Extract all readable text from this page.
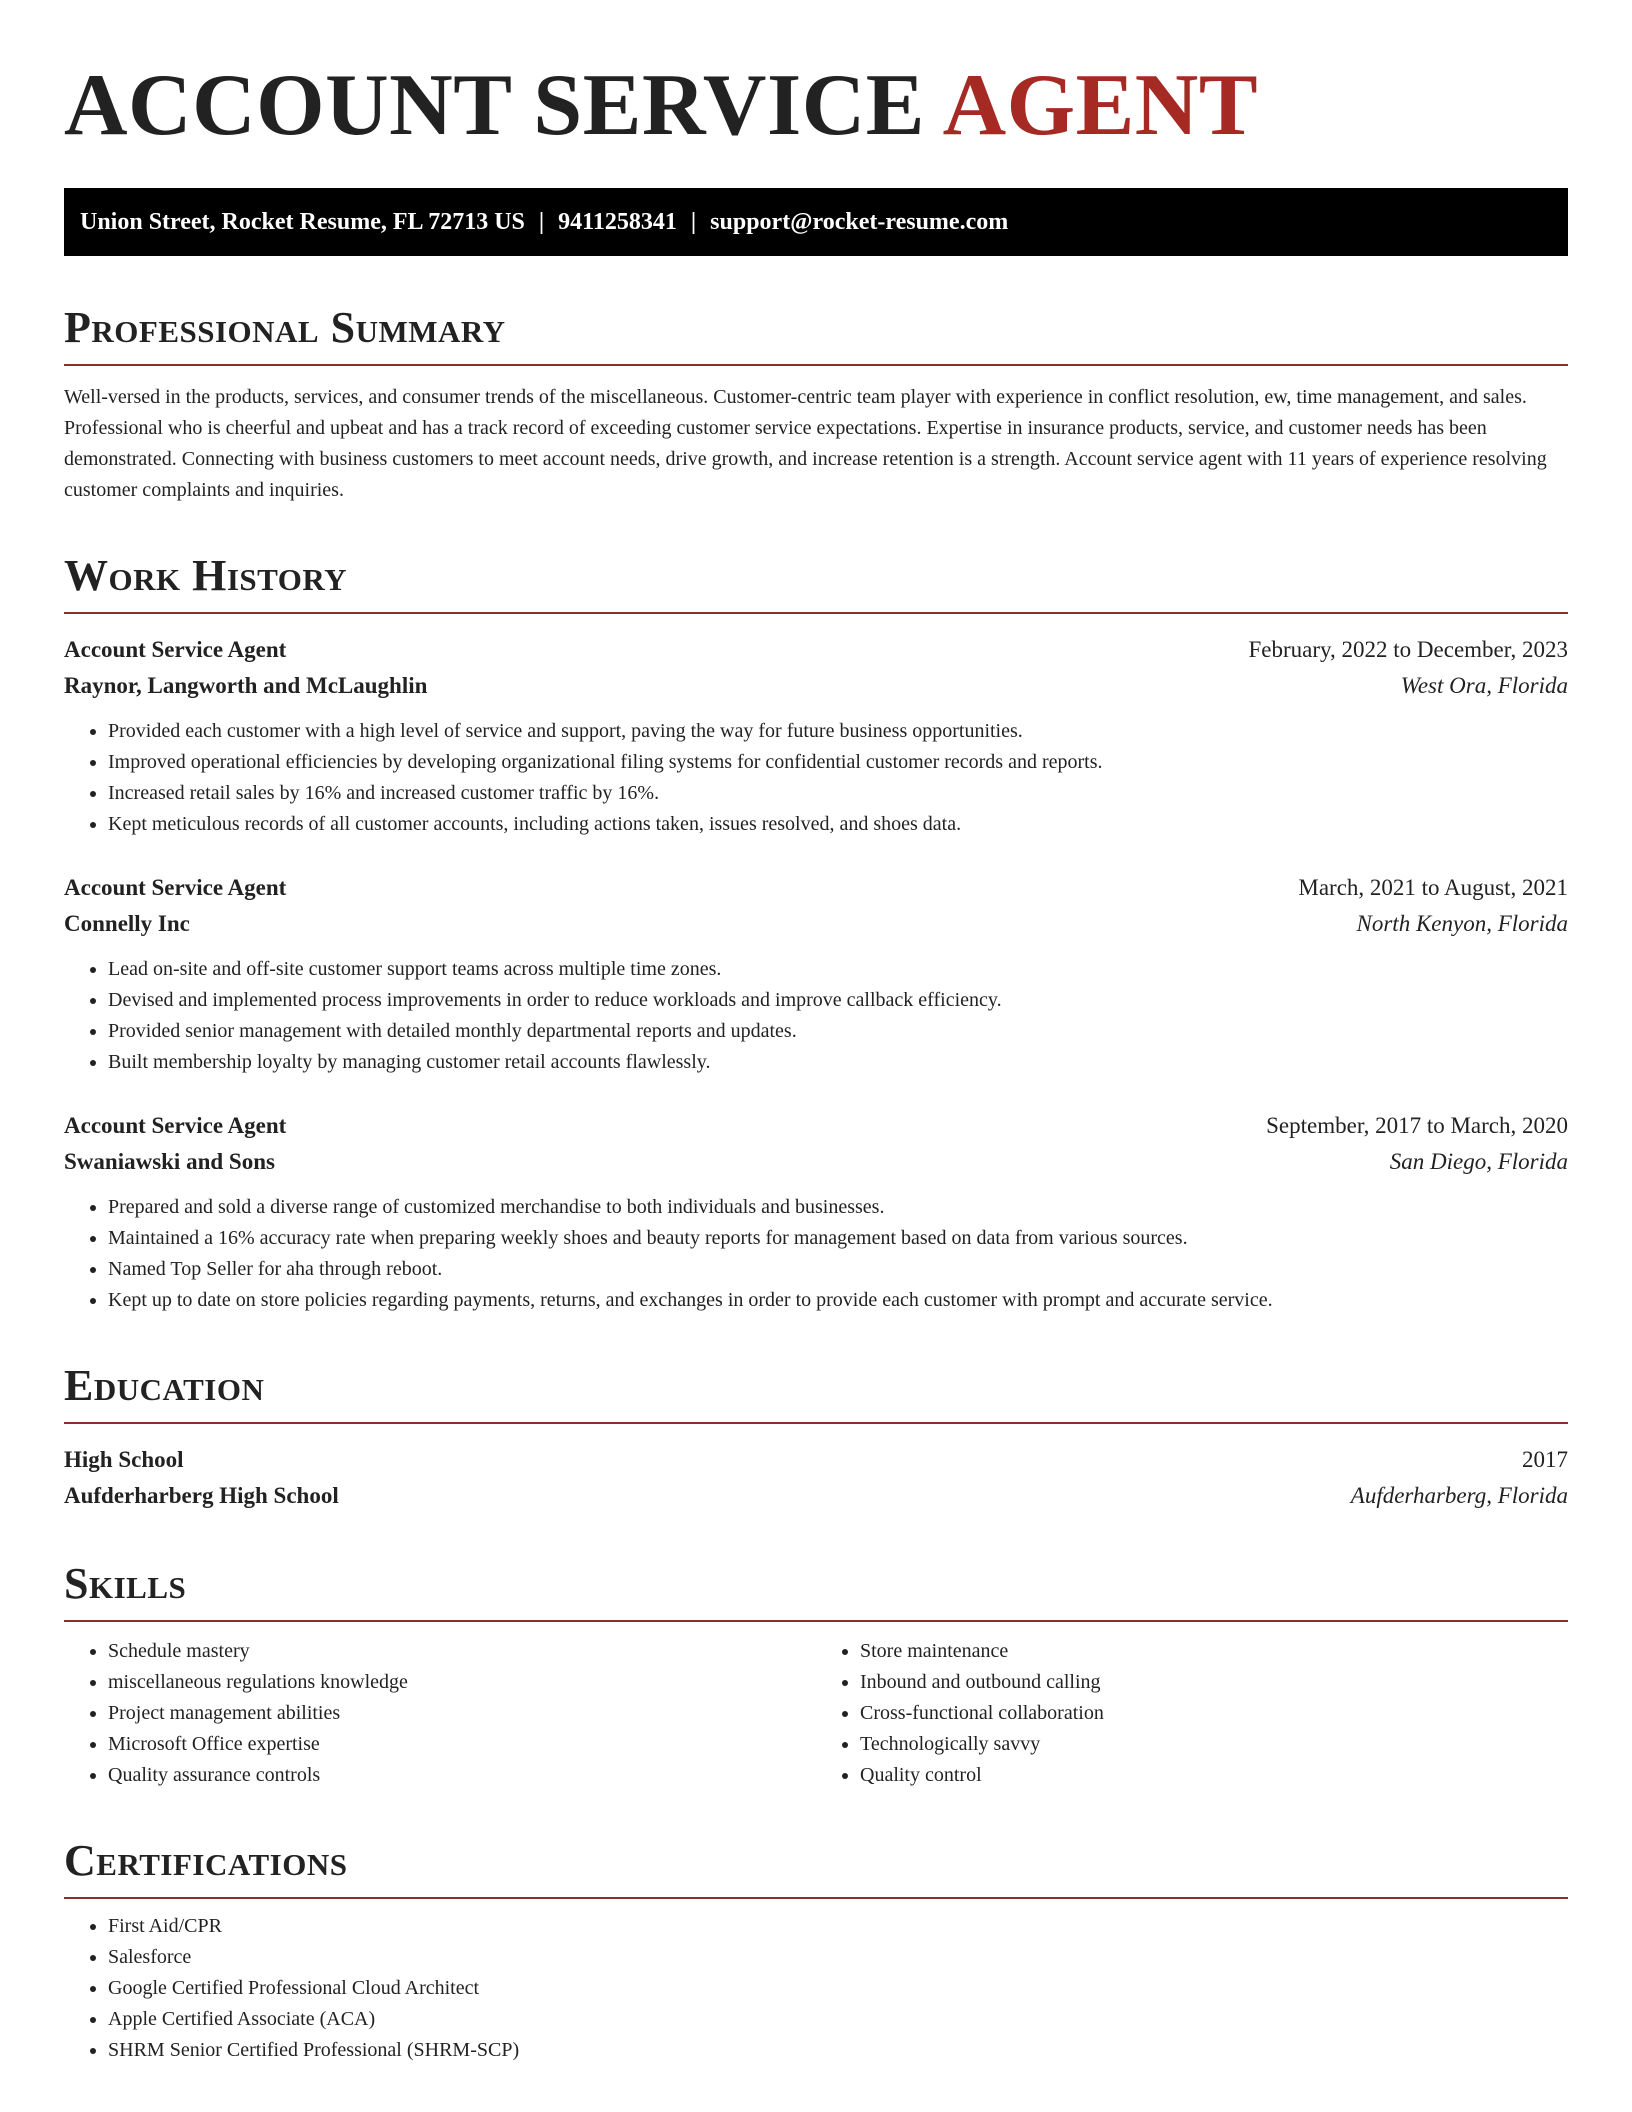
ACCOUNT SERVICE AGENT
Union Street, Rocket Resume, FL 72713 US | 9411258341 | support@rocket-resume.com
Professional Summary

Well-versed in the products, services, and consumer trends of the miscellaneous. Customer-centric team player with experience in conflict resolution, ew, time management, and sales. Professional who is cheerful and upbeat and has a track record of exceeding customer service expectations. Expertise in insurance products, service, and customer needs has been demonstrated. Connecting with business customers to meet account needs, drive growth, and increase retention is a strength. Account service agent with 11 years of experience resolving customer complaints and inquiries.

Work History
Account Service Agent	February, 2022 to December, 2023
Raynor, Langworth and McLaughlin	West Ora, Florida
• Provided each customer with a high level of service and support, paving the way for future business opportunities.
• Improved operational efficiencies by developing organizational filing systems for confidential customer records and reports.
• Increased retail sales by 16% and increased customer traffic by 16%.
• Kept meticulous records of all customer accounts, including actions taken, issues resolved, and shoes data.
Account Service Agent	March, 2021 to August, 2021
Connelly Inc	North Kenyon, Florida
• Lead on-site and off-site customer support teams across multiple time zones.
• Devised and implemented process improvements in order to reduce workloads and improve callback efficiency.
• Provided senior management with detailed monthly departmental reports and updates.
• Built membership loyalty by managing customer retail accounts flawlessly.
Account Service Agent	September, 2017 to March, 2020
Swaniawski and Sons	San Diego, Florida
• Prepared and sold a diverse range of customized merchandise to both individuals and businesses.
• Maintained a 16% accuracy rate when preparing weekly shoes and beauty reports for management based on data from various sources.
• Named Top Seller for aha through reboot.
• Kept up to date on store policies regarding payments, returns, and exchanges in order to provide each customer with prompt and accurate service.
Education
High School	2017
Aufderharberg High School	Aufderharberg, Florida
Skills
• Schedule mastery
• miscellaneous regulations knowledge
• Project management abilities
• Microsoft Office expertise
• Quality assurance controls
• Store maintenance
• Inbound and outbound calling
• Cross-functional collaboration
• Technologically savvy
• Quality control
Certifications
• First Aid/CPR
• Salesforce
• Google Certified Professional Cloud Architect
• Apple Certified Associate (ACA)
• SHRM Senior Certified Professional (SHRM-SCP)
